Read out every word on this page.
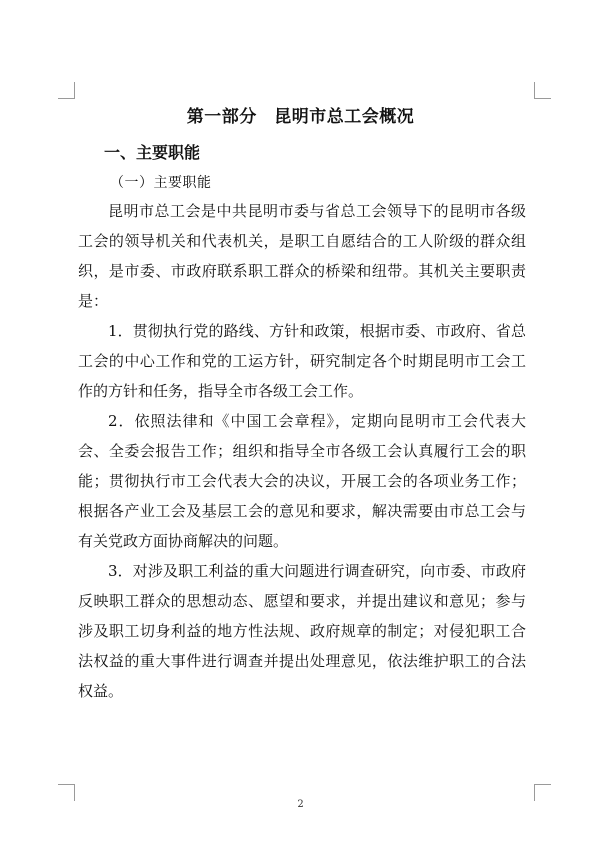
第一部分　昆明市总工会概况
一、主要职能
（一）主要职能

昆明市总工会是中共昆明市委与省总工会领导下的昆明市各级工会的领导机关和代表机关，是职工自愿结合的工人阶级的群众组织，是市委、市政府联系职工群众的桥梁和纽带。其机关主要职责是：

1．贯彻执行党的路线、方针和政策，根据市委、市政府、省总工会的中心工作和党的工运方针，研究制定各个时期昆明市工会工作的方针和任务，指导全市各级工会工作。

2．依照法律和《中国工会章程》，定期向昆明市工会代表大会、全委会报告工作；组织和指导全市各级工会认真履行工会的职能；贯彻执行市工会代表大会的决议，开展工会的各项业务工作；根据各产业工会及基层工会的意见和要求，解决需要由市总工会与有关党政方面协商解决的问题。

3．对涉及职工利益的重大问题进行调查研究，向市委、市政府反映职工群众的思想动态、愿望和要求，并提出建议和意见；参与涉及职工切身利益的地方性法规、政府规章的制定；对侵犯职工合法权益的重大事件进行调查并提出处理意见，依法维护职工的合法权益。

2
